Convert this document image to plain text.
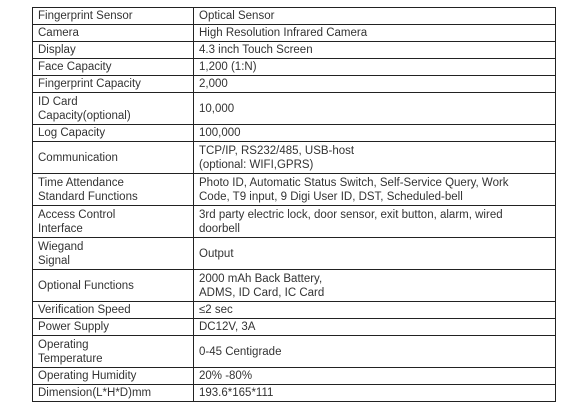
Fingerprint Sensor	Optical Sensor

Camera	High Resolution Infrared Camera

Display	4.3 inch Touch Screen

Face Capacity	1,200 (1:N)

Fingerprint Capacity	2,000

ID Card
Capacity(optional)	10,000

Log Capacity	100,000

Communication	TCP/IP, RS232/485, USB-host
(optional: WIFI,GPRS)

Time Attendance
Standard Functions	Photo ID, Automatic Status Switch, Self-Service Query, Work
Code, T9 input, 9 Digi User ID, DST, Scheduled-bell

Access Control
Interface	3rd party electric lock, door sensor, exit button, alarm, wired
doorbell

Wiegand
Signal	Output

Optional Functions	2000 mAh Back Battery,
ADMS, ID Card, IC Card

Verification Speed	≤2 sec

Power Supply	DC12V, 3A

Operating
Temperature	0-45 Centigrade

Operating Humidity	20% -80%

Dimension(L*H*D)mm	193.6*165*111
